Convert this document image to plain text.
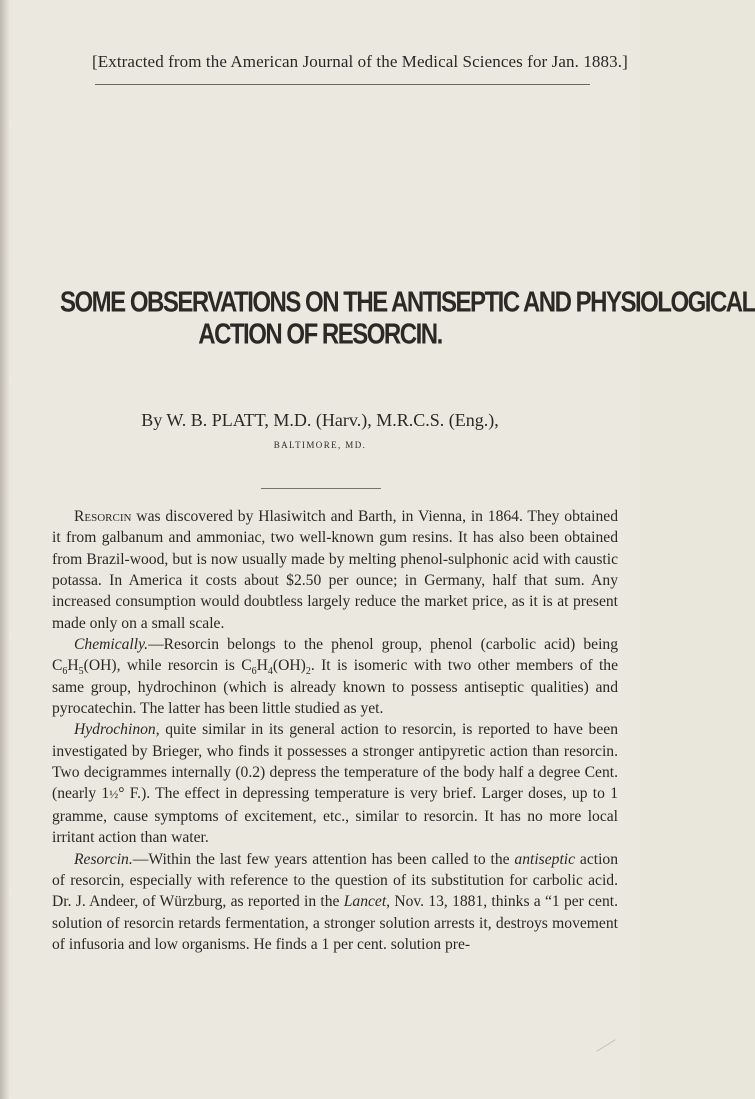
[Extracted from the American Journal of the Medical Sciences for Jan. 1883.]
SOME OBSERVATIONS ON THE ANTISEPTIC AND PHYSIOLOGICAL
ACTION OF RESORCIN.
By W. B. PLATT, M.D. (Harv.), M.R.C.S. (Eng.),
BALTIMORE, MD.

Resorcin was discovered by Hlasiwitch and Barth, in Vienna, in 1864. They obtained it from galbanum and ammoniac, two well-known gum resins. It has also been obtained from Brazil-wood, but is now usually made by melting phenol-sulphonic acid with caustic potassa. In America it costs about $2.50 per ounce; in Germany, half that sum. Any increased consumption would doubtless largely reduce the market price, as it is at present made only on a small scale.

Chemically.—Resorcin belongs to the phenol group, phenol (carbolic acid) being $C_6H_5(OH)$, while resorcin is $C_6H_4(OH)_2$. It is isomeric with two other members of the same group, hydrochinon (which is already known to possess antiseptic qualities) and pyrocatechin. The latter has been little studied as yet.

Hydrochinon, quite similar in its general action to resorcin, is reported to have been investigated by Brieger, who finds it possesses a stronger antipyretic action than resorcin. Two decigrammes internally (0.2) depress the temperature of the body half a degree Cent. (nearly 1½° F.). The effect in depressing temperature is very brief. Larger doses, up to 1 gramme, cause symptoms of excitement, etc., similar to resorcin. It has no more local irritant action than water.

Resorcin.—Within the last few years attention has been called to the antiseptic action of resorcin, especially with reference to the question of its substitution for carbolic acid. Dr. J. Andeer, of Würzburg, as reported in the Lancet, Nov. 13, 1881, thinks a “1 per cent. solution of resorcin retards fermentation, a stronger solution arrests it, destroys movement of infusoria and low organisms. He finds a 1 per cent. solution pre-
